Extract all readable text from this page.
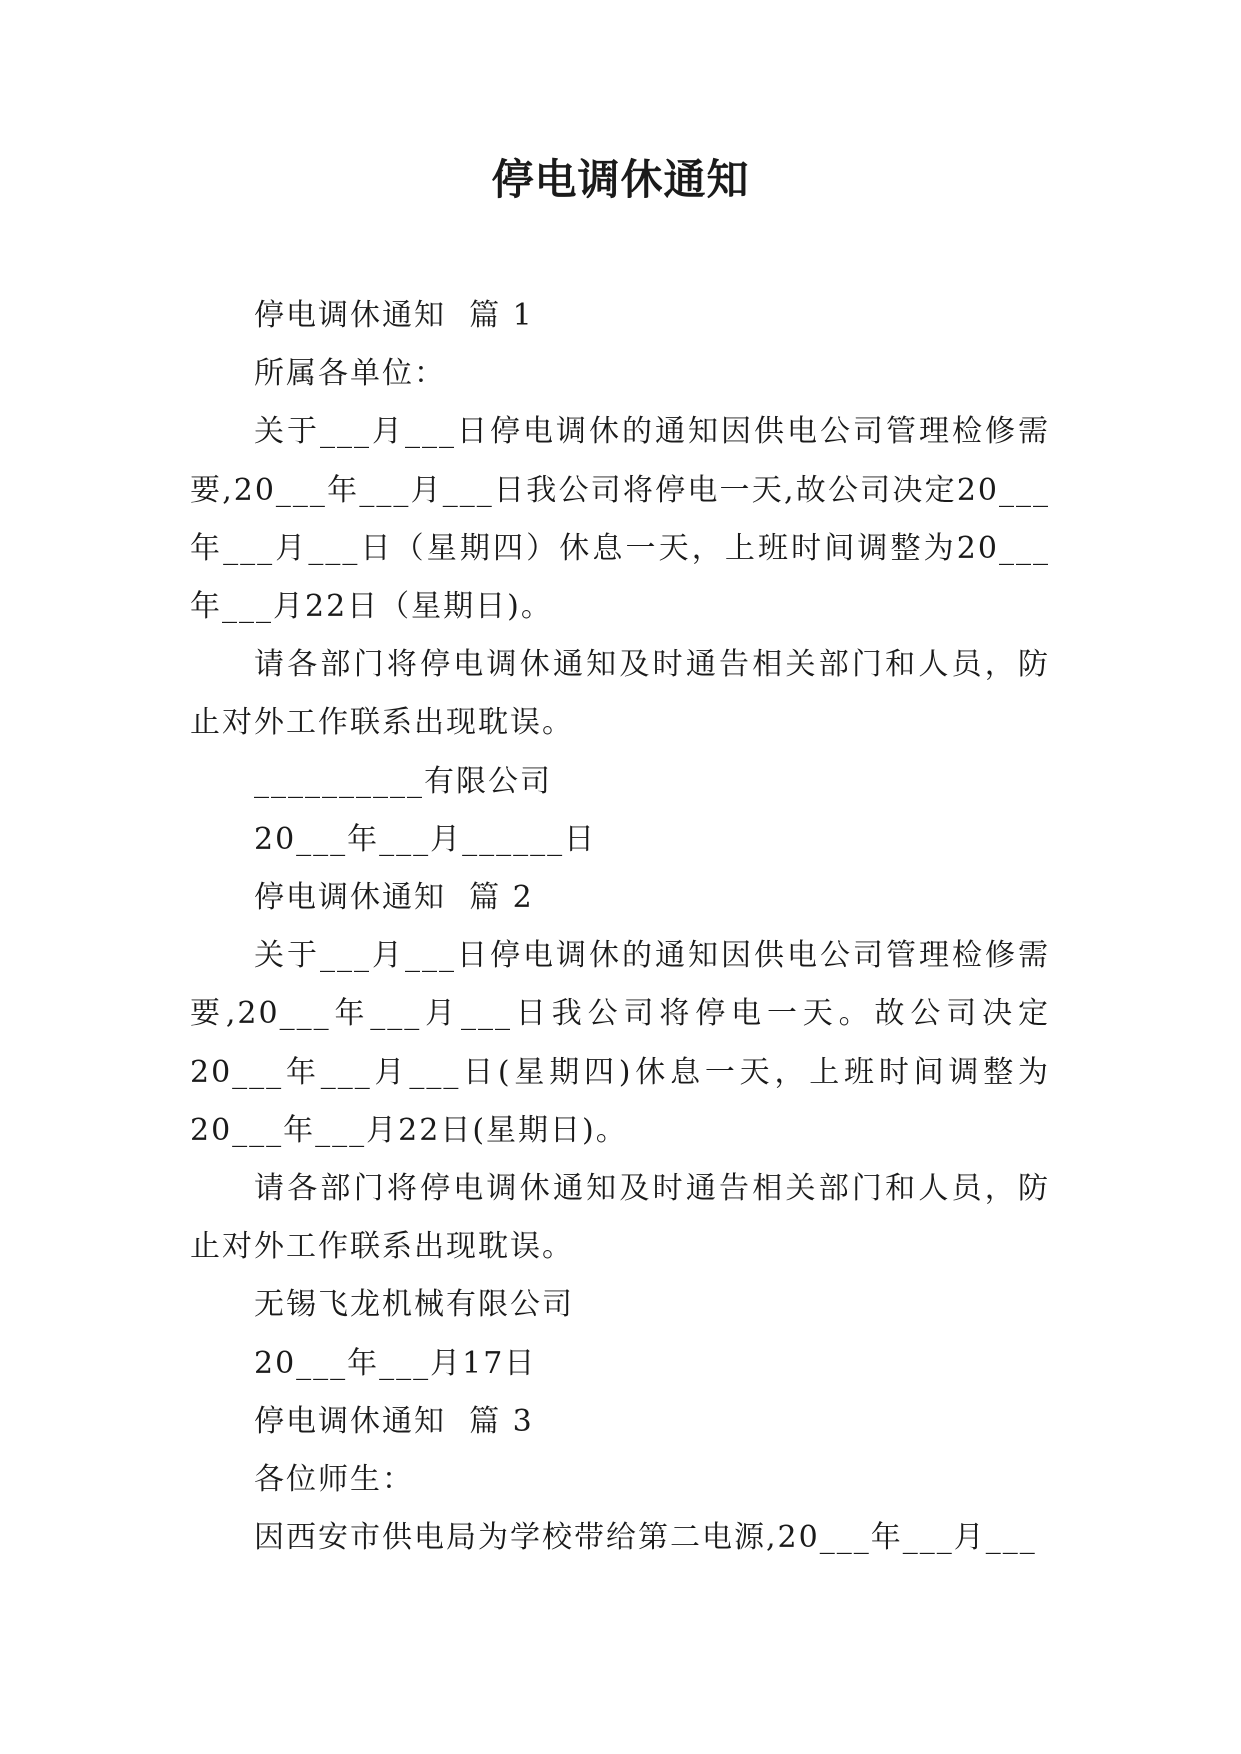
停电调休通知

停电调休通知  篇 1

所属各单位：

关于___月___日停电调休的通知因供电公司管理检修需要,20___年___月___日我公司将停电一天,故公司决定20___年___月___日（星期四）休息一天，上班时间调整为20___年___月22日（星期日)。

请各部门将停电调休通知及时通告相关部门和人员，防止对外工作联系出现耽误。

__________有限公司

20___年___月______日

停电调休通知  篇 2

关于___月___日停电调休的通知因供电公司管理检修需要,20___年___月___日我公司将停电一天。故公司决定20___年___月___日(星期四)休息一天，上班时间调整为20___年___月22日(星期日)。

请各部门将停电调休通知及时通告相关部门和人员，防止对外工作联系出现耽误。

无锡飞龙机械有限公司

20___年___月17日

停电调休通知  篇 3

各位师生：

因西安市供电局为学校带给第二电源,20___年___月___
